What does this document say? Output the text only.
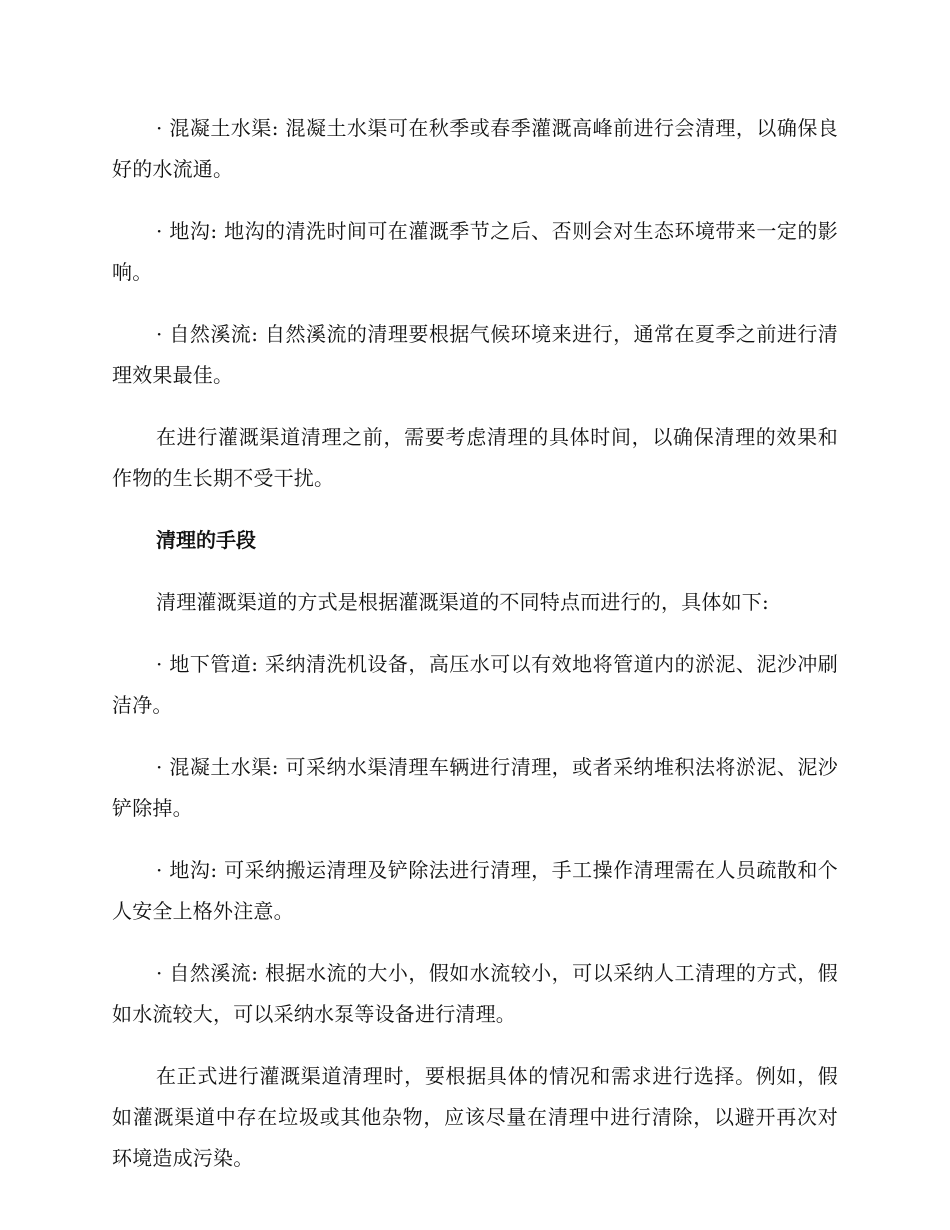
· 混凝土水渠: 混凝土水渠可在秋季或春季灌溉高峰前进行会清理，以确保良好的水流通。

· 地沟: 地沟的清洗时间可在灌溉季节之后、否则会对生态环境带来一定的影响。

· 自然溪流: 自然溪流的清理要根据气候环境来进行，通常在夏季之前进行清理效果最佳。

在进行灌溉渠道清理之前，需要考虑清理的具体时间，以确保清理的效果和作物的生长期不受干扰。

清理的手段

清理灌溉渠道的方式是根据灌溉渠道的不同特点而进行的，具体如下:

· 地下管道: 采纳清洗机设备，高压水可以有效地将管道内的淤泥、泥沙冲刷洁净。

· 混凝土水渠: 可采纳水渠清理车辆进行清理，或者采纳堆积法将淤泥、泥沙铲除掉。

· 地沟: 可采纳搬运清理及铲除法进行清理，手工操作清理需在人员疏散和个人安全上格外注意。

· 自然溪流: 根据水流的大小，假如水流较小，可以采纳人工清理的方式，假如水流较大，可以采纳水泵等设备进行清理。

在正式进行灌溉渠道清理时，要根据具体的情况和需求进行选择。例如，假如灌溉渠道中存在垃圾或其他杂物，应该尽量在清理中进行清除，以避开再次对环境造成污染。
